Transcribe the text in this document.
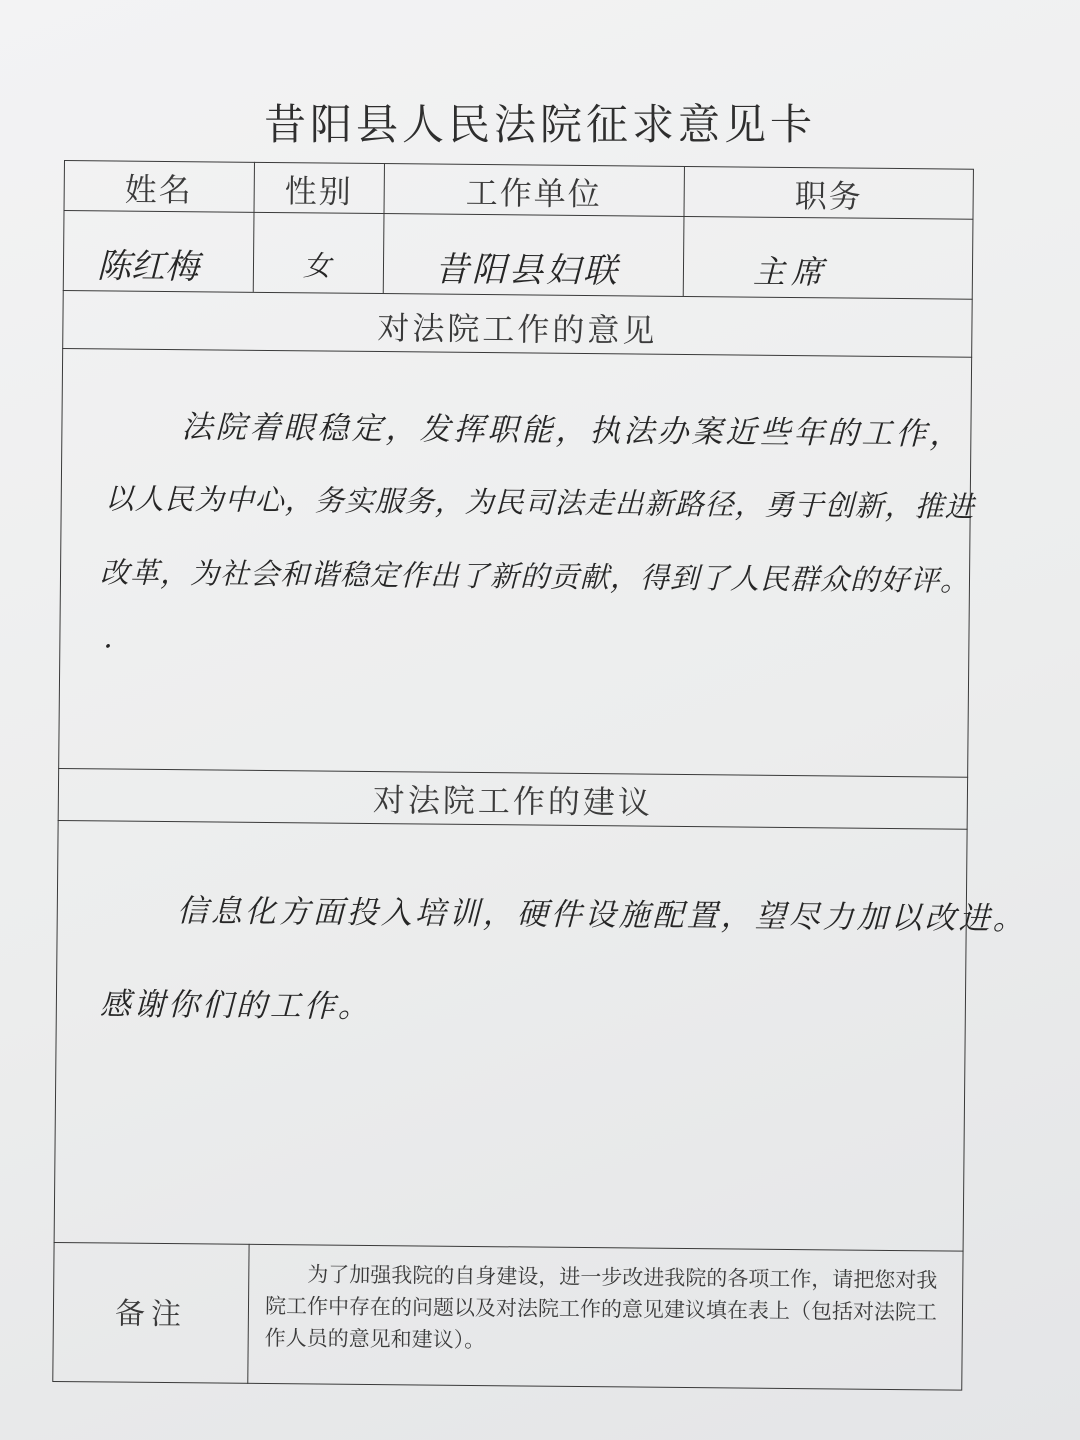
昔阳县人民法院征求意见卡
姓名	性别	工作单位	职务
陈红梅	女	昔阳县妇联	主席
对法院工作的意见
法院着眼稳定，发挥职能，执法办案近些年的工作，
以人民为中心，务实服务，为民司法走出新路径，勇于创新，推进
改革，为社会和谐稳定作出了新的贡献，得到了人民群众的好评。
.
对法院工作的建议
信息化方面投入培训，硬件设施配置，望尽力加以改进。
感谢你们的工作。
备注
为了加强我院的自身建设，进一步改进我院的各项工作，请把您对我院工作中存在的问题以及对法院工作的意见建议填在表上（包括对法院工作人员的意见和建议）。
